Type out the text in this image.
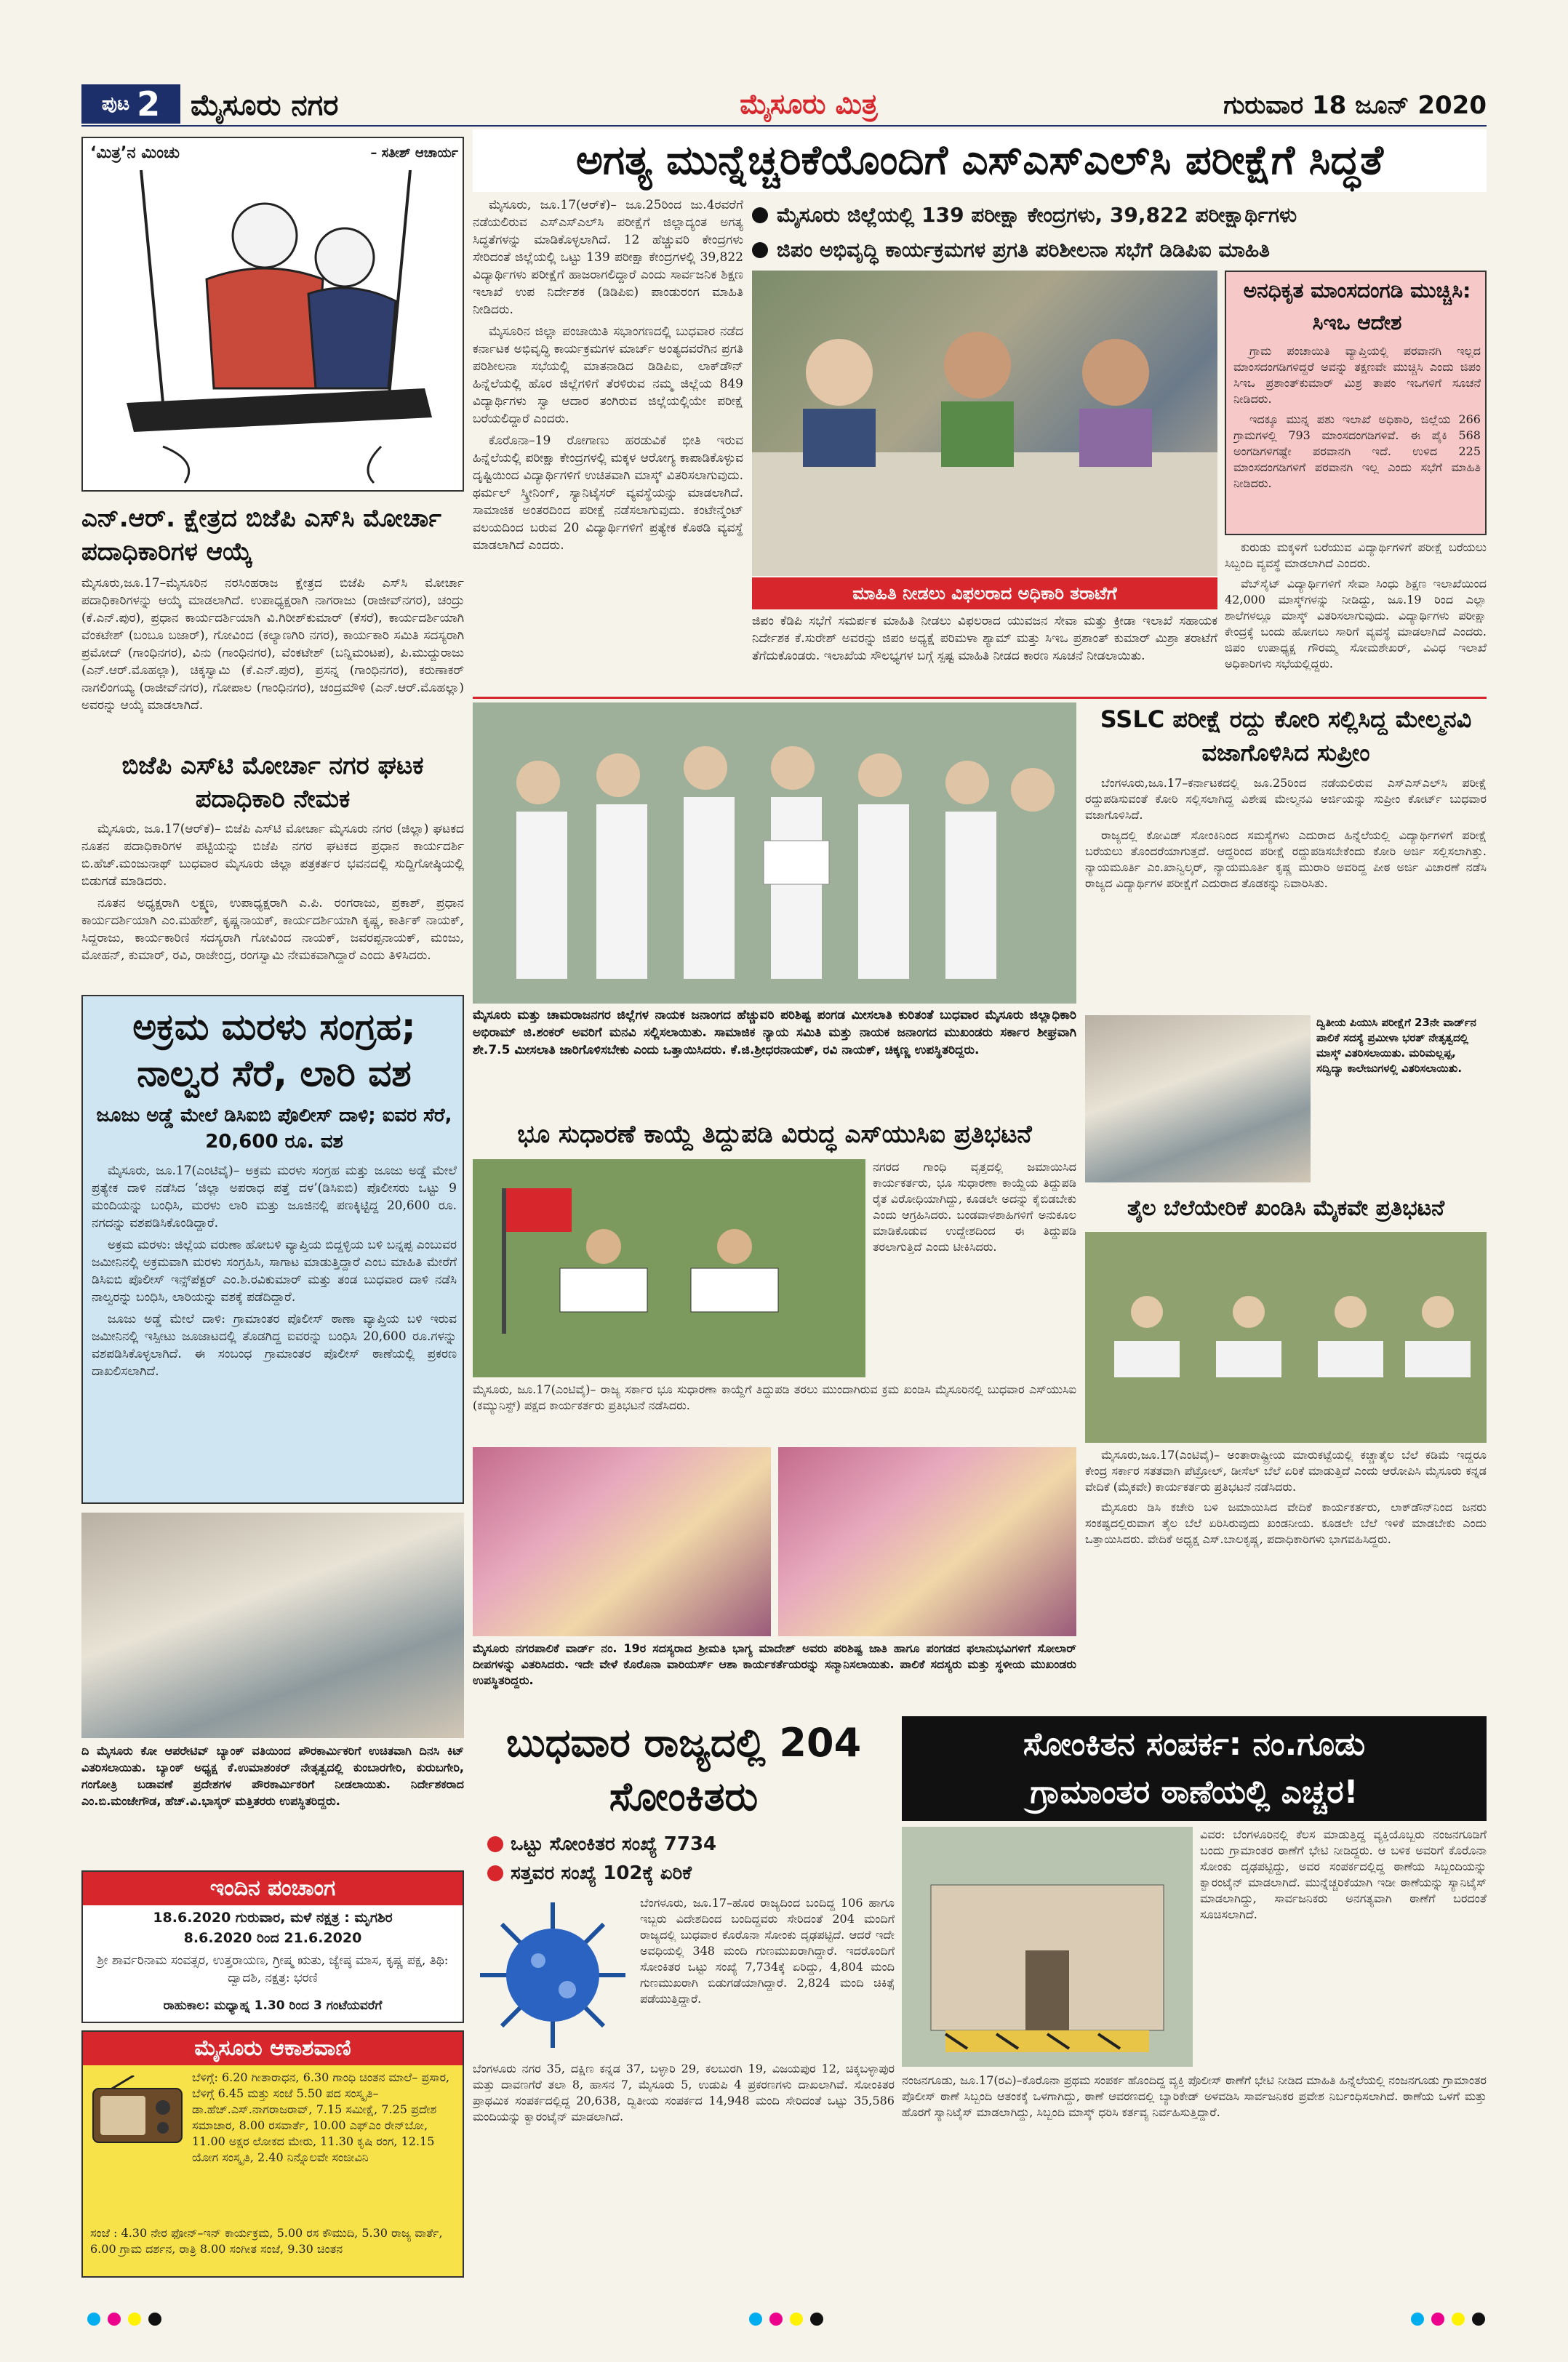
ಪುಟ 2 ಮೈಸೂರು ನಗರ	ಮೈಸೂರು ಮಿತ್ರ	ಗುರುವಾರ 18 ಜೂನ್ 2020
‘ಮಿತ್ರ’ನ ಮಿಂಚು	– ಸತೀಶ್ ಆಚಾರ್ಯ
ಎನ್.ಆರ್. ಕ್ಷೇತ್ರದ ಬಿಜೆಪಿ ಎಸ್‌ಸಿ ಮೋರ್ಚಾ ಪದಾಧಿಕಾರಿಗಳ ಆಯ್ಕೆ
ಮೈಸೂರು,ಜೂ.17–ಮೈಸೂರಿನ ನರಸಿಂಹರಾಜ ಕ್ಷೇತ್ರದ ಬಿಜೆಪಿ ಎಸ್‌ಸಿ ಮೋರ್ಚಾ ಪದಾಧಿಕಾರಿಗಳನ್ನು ಆಯ್ಕೆ ಮಾಡಲಾಗಿದೆ. ಉಪಾಧ್ಯಕ್ಷರಾಗಿ ನಾಗರಾಜು (ರಾಜೀವ್‌ನಗರ), ಚಂದ್ರು (ಕೆ.ಎನ್.ಪುರ), ಪ್ರಧಾನ ಕಾರ್ಯದರ್ಶಿಯಾಗಿ ವಿ.ಗಿರೀಶ್‌ಕುಮಾರ್ (ಕೆಸರೆ), ಕಾರ್ಯದರ್ಶಿಯಾಗಿ ವೆಂಕಟೇಶ್ (ಬಂಬೂ ಬಜಾರ್), ಗೋವಿಂದ (ಕಲ್ಯಾಣಗಿರಿ ನಗರ), ಕಾರ್ಯಕಾರಿ ಸಮಿತಿ ಸದಸ್ಯರಾಗಿ ಪ್ರಮೋದ್ (ಗಾಂಧಿನಗರ), ವಿನು (ಗಾಂಧಿನಗರ), ವೆಂಕಟೇಶ್ (ಬನ್ನಿಮಂಟಪ), ಪಿ.ಮುದ್ದುರಾಜು (ಎನ್.ಆರ್.ಮೊಹಲ್ಲಾ), ಚಿಕ್ಕಸ್ವಾಮಿ (ಕೆ.ಎನ್.ಪುರ), ಪ್ರಸನ್ನ (ಗಾಂಧಿನಗರ), ಕರುಣಾಕರ್ ನಾಗಲಿಂಗಯ್ಯ (ರಾಜೀವ್‌ನಗರ), ಗೋಪಾಲ (ಗಾಂಧಿನಗರ), ಚಂದ್ರಮೌಳಿ (ಎನ್.ಆರ್.ಮೊಹಲ್ಲಾ) ಅವರನ್ನು ಆಯ್ಕೆ ಮಾಡಲಾಗಿದೆ.
ಬಿಜೆಪಿ ಎಸ್‌ಟಿ ಮೋರ್ಚಾ ನಗರ ಘಟಕ ಪದಾಧಿಕಾರಿ ನೇಮಕ

ಮೈಸೂರು, ಜೂ.17(ಆರ್‌ಕೆ)– ಬಿಜೆಪಿ ಎಸ್‌ಟಿ ಮೋರ್ಚಾ ಮೈಸೂರು ನಗರ (ಜಿಲ್ಲಾ) ಘಟಕದ ನೂತನ ಪದಾಧಿಕಾರಿಗಳ ಪಟ್ಟಿಯನ್ನು ಬಿಜೆಪಿ ನಗರ ಘಟಕದ ಪ್ರಧಾನ ಕಾರ್ಯದರ್ಶಿ ಬಿ.ಹೆಚ್.ಮಂಜುನಾಥ್ ಬುಧವಾರ ಮೈಸೂರು ಜಿಲ್ಲಾ ಪತ್ರಕರ್ತರ ಭವನದಲ್ಲಿ ಸುದ್ದಿಗೋಷ್ಠಿಯಲ್ಲಿ ಬಿಡುಗಡೆ ಮಾಡಿದರು.

ನೂತನ ಅಧ್ಯಕ್ಷರಾಗಿ ಲಕ್ಷ್ಮಣ, ಉಪಾಧ್ಯಕ್ಷರಾಗಿ ಎ.ಪಿ. ರಂಗರಾಜು, ಪ್ರಕಾಶ್, ಪ್ರಧಾನ ಕಾರ್ಯದರ್ಶಿಯಾಗಿ ಎಂ.ಮಹೇಶ್, ಕೃಷ್ಣನಾಯಕ್, ಕಾರ್ಯದರ್ಶಿಯಾಗಿ ಕೃಷ್ಣ, ಕಾರ್ತಿಕ್ ನಾಯಕ್, ಸಿದ್ದರಾಜು, ಕಾರ್ಯಕಾರಿಣಿ ಸದಸ್ಯರಾಗಿ ಗೋವಿಂದ ನಾಯಕ್, ಜವರಪ್ಪನಾಯಕ್, ಮಂಜು, ಮೋಹನ್, ಕುಮಾರ್, ರವಿ, ರಾಜೇಂದ್ರ, ರಂಗಸ್ವಾಮಿ ನೇಮಕವಾಗಿದ್ದಾರೆ ಎಂದು ತಿಳಿಸಿದರು.

ಅಕ್ರಮ ಮರಳು ಸಂಗ್ರಹ; ನಾಲ್ವರ ಸೆರೆ, ಲಾರಿ ವಶ
ಜೂಜು ಅಡ್ಡೆ ಮೇಲೆ ಡಿಸಿಐಬಿ ಪೊಲೀಸ್ ದಾಳಿ; ಐವರ ಸೆರೆ, 20,600 ರೂ. ವಶ

ಮೈಸೂರು, ಜೂ.17(ಎಂಟಿವೈ)– ಅಕ್ರಮ ಮರಳು ಸಂಗ್ರಹ ಮತ್ತು ಜೂಜು ಅಡ್ಡೆ ಮೇಲೆ ಪ್ರತ್ಯೇಕ ದಾಳಿ ನಡೆಸಿದ ‘ಜಿಲ್ಲಾ ಅಪರಾಧ ಪತ್ತೆ ದಳ’(ಡಿಸಿಐಬಿ) ಪೊಲೀಸರು ಒಟ್ಟು 9 ಮಂದಿಯನ್ನು ಬಂಧಿಸಿ, ಮರಳು ಲಾರಿ ಮತ್ತು ಜೂಜಿನಲ್ಲಿ ಪಣಕ್ಕಿಟ್ಟಿದ್ದ 20,600 ರೂ. ನಗದನ್ನು ವಶಪಡಿಸಿಕೊಂಡಿದ್ದಾರೆ.

ಅಕ್ರಮ ಮರಳು: ಜಿಲ್ಲೆಯ ವರುಣಾ ಹೋಬಳಿ ವ್ಯಾಪ್ತಿಯ ಬಿದ್ದಳ್ಳಿಯ ಬಳಿ ಬನ್ನಪ್ಪ ಎಂಬುವರ ಜಮೀನಿನಲ್ಲಿ ಅಕ್ರಮವಾಗಿ ಮರಳು ಸಂಗ್ರಹಿಸಿ, ಸಾಗಾಟ ಮಾಡುತ್ತಿದ್ದಾರೆ ಎಂಬ ಮಾಹಿತಿ ಮೇರೆಗೆ ಡಿಸಿಐಬಿ ಪೊಲೀಸ್ ಇನ್ಸ್‌ಪೆಕ್ಟರ್ ಎಂ.ಶಿ.ರವಿಕುಮಾರ್ ಮತ್ತು ತಂಡ ಬುಧವಾರ ದಾಳಿ ನಡೆಸಿ ನಾಲ್ವರನ್ನು ಬಂಧಿಸಿ, ಲಾರಿಯನ್ನು ವಶಕ್ಕೆ ಪಡೆದಿದ್ದಾರೆ.

ಜೂಜು ಅಡ್ಡೆ ಮೇಲೆ ದಾಳಿ: ಗ್ರಾಮಾಂತರ ಪೊಲೀಸ್ ಠಾಣಾ ವ್ಯಾಪ್ತಿಯ ಬಳಿ ಇರುವ ಜಮೀನಿನಲ್ಲಿ ಇಸ್ಪೀಟು ಜೂಜಾಟದಲ್ಲಿ ತೊಡಗಿದ್ದ ಐವರನ್ನು ಬಂಧಿಸಿ 20,600 ರೂ.ಗಳನ್ನು ವಶಪಡಿಸಿಕೊಳ್ಳಲಾಗಿದೆ. ಈ ಸಂಬಂಧ ಗ್ರಾಮಾಂತರ ಪೊಲೀಸ್ ಠಾಣೆಯಲ್ಲಿ ಪ್ರಕರಣ ದಾಖಲಿಸಲಾಗಿದೆ.

ದಿ ಮೈಸೂರು ಕೋ ಆಪರೇಟಿವ್ ಬ್ಯಾಂಕ್ ವತಿಯಿಂದ ಪೌರಕಾರ್ಮಿಕರಿಗೆ ಉಚಿತವಾಗಿ ದಿನಸಿ ಕಿಟ್ ವಿತರಿಸಲಾಯಿತು. ಬ್ಯಾಂಕ್ ಅಧ್ಯಕ್ಷ ಕೆ.ಉಮಾಶಂಕರ್ ನೇತೃತ್ವದಲ್ಲಿ ಕುಂಬಾರಗೇರಿ, ಕುರುಬಗೇರಿ, ಗಂಗೋತ್ರಿ ಬಡಾವಣೆ ಪ್ರದೇಶಗಳ ಪೌರಕಾರ್ಮಿಕರಿಗೆ ನೀಡಲಾಯಿತು. ನಿರ್ದೇಶಕರಾದ ಎಂ.ಬಿ.ಮಂಜೇಗೌಡ, ಹೆಚ್.ವಿ.ಭಾಸ್ಕರ್ ಮತ್ತಿತರರು ಉಪಸ್ಥಿತರಿದ್ದರು.
ಇಂದಿನ ಪಂಚಾಂಗ
18.6.2020 ಗುರುವಾರ, ಮಳೆ ನಕ್ಷತ್ರ : ಮೃಗಶಿರ
8.6.2020 ರಿಂದ 21.6.2020
ಶ್ರೀ ಶಾರ್ವರಿನಾಮ ಸಂವತ್ಸರ, ಉತ್ತರಾಯಣ, ಗ್ರೀಷ್ಮ ಋತು, ಜ್ಯೇಷ್ಠ ಮಾಸ, ಕೃಷ್ಣ ಪಕ್ಷ, ತಿಥಿ: ದ್ವಾದಶಿ, ನಕ್ಷತ್ರ: ಭರಣಿ
ರಾಹುಕಾಲ: ಮಧ್ಯಾಹ್ನ 1.30 ರಿಂದ 3 ಗಂಟೆಯವರೆಗೆ
ಮೈಸೂರು ಆಕಾಶವಾಣಿ
ಬೆಳಿಗ್ಗೆ: 6.20 ಗೀತಾರಾಧನ, 6.30 ಗಾಂಧಿ ಚಿಂತನ ಮಾಲೆ– ಪ್ರಸಾರ, ಬೆಳಿಗ್ಗೆ 6.45 ಮತ್ತು ಸಂಜೆ 5.50 ಪದ ಸಂಸ್ಕೃತಿ–ಡಾ.ಹೆಚ್.ಎಸ್.ನಾಗರಾಜರಾವ್, 7.15 ಸಮೀಕ್ಷೆ, 7.25 ಪ್ರದೇಶ ಸಮಾಚಾರ, 8.00 ರಸವಾರ್ತೆ, 10.00 ಎಫ್‌ಎಂ ರೇನ್‌ಬೋ, 11.00 ಅಕ್ಷರ ಲೋಕದ ಮೇರು, 11.30 ಕೃಷಿ ರಂಗ, 12.15 ಯೋಗ ಸಂಸ್ಕೃತಿ, 2.40 ನಿನ್ನೊಲವೇ ಸಂಜೀವಿನಿ
ಸಂಜೆ : 4.30 ನೇರ ಫೋನ್–ಇನ್ ಕಾರ್ಯಕ್ರಮ, 5.00 ರಸ ಕೌಮುದಿ, 5.30 ರಾಜ್ಯ ವಾರ್ತೆ, 6.00 ಗ್ರಾಮ ದರ್ಶನ, ರಾತ್ರಿ 8.00 ಸಂಗೀತ ಸಂಜೆ, 9.30 ಚಿಂತನ
ಅಗತ್ಯ ಮುನ್ನೆಚ್ಚರಿಕೆಯೊಂದಿಗೆ ಎಸ್‌ಎಸ್‌ಎಲ್‌ಸಿ ಪರೀಕ್ಷೆಗೆ ಸಿದ್ಧತೆ

ಮೈಸೂರು, ಜೂ.17(ಆರ್‌ಕೆ)– ಜೂ.25ರಿಂದ ಜು.4ರವರೆಗೆ ನಡೆಯಲಿರುವ ಎಸ್‌ಎಸ್‌ಎಲ್‌ಸಿ ಪರೀಕ್ಷೆಗೆ ಜಿಲ್ಲಾದ್ಯಂತ ಅಗತ್ಯ ಸಿದ್ಧತೆಗಳನ್ನು ಮಾಡಿಕೊಳ್ಳಲಾಗಿದೆ. 12 ಹೆಚ್ಚುವರಿ ಕೇಂದ್ರಗಳು ಸೇರಿದಂತೆ ಜಿಲ್ಲೆಯಲ್ಲಿ ಒಟ್ಟು 139 ಪರೀಕ್ಷಾ ಕೇಂದ್ರಗಳಲ್ಲಿ 39,822 ವಿದ್ಯಾರ್ಥಿಗಳು ಪರೀಕ್ಷೆಗೆ ಹಾಜರಾಗಲಿದ್ದಾರೆ ಎಂದು ಸಾರ್ವಜನಿಕ ಶಿಕ್ಷಣ ಇಲಾಖೆ ಉಪ ನಿರ್ದೇಶಕ (ಡಿಡಿಪಿಐ) ಪಾಂಡುರಂಗ ಮಾಹಿತಿ ನೀಡಿದರು.

ಮೈಸೂರಿನ ಜಿಲ್ಲಾ ಪಂಚಾಯಿತಿ ಸಭಾಂಗಣದಲ್ಲಿ ಬುಧವಾರ ನಡೆದ ಕರ್ನಾಟಕ ಅಭಿವೃದ್ಧಿ ಕಾರ್ಯಕ್ರಮಗಳ ಮಾರ್ಚ್ ಅಂತ್ಯದವರೆಗಿನ ಪ್ರಗತಿ ಪರಿಶೀಲನಾ ಸಭೆಯಲ್ಲಿ ಮಾತನಾಡಿದ ಡಿಡಿಪಿಐ, ಲಾಕ್‌ಡೌನ್ ಹಿನ್ನೆಲೆಯಲ್ಲಿ ಹೊರ ಜಿಲ್ಲೆಗಳಿಗೆ ತೆರಳಿರುವ ನಮ್ಮ ಜಿಲ್ಲೆಯ 849 ವಿದ್ಯಾರ್ಥಿಗಳು ಸ್ವಾ ಆದಾರ ತಂಗಿರುವ ಜಿಲ್ಲೆಯಲ್ಲಿಯೇ ಪರೀಕ್ಷೆ ಬರೆಯಲಿದ್ದಾರೆ ಎಂದರು.

ಕೊರೊನಾ–19 ರೋಗಾಣು ಹರಡುವಿಕೆ ಭೀತಿ ಇರುವ ಹಿನ್ನೆಲೆಯಲ್ಲಿ ಪರೀಕ್ಷಾ ಕೇಂದ್ರಗಳಲ್ಲಿ ಮಕ್ಕಳ ಆರೋಗ್ಯ ಕಾಪಾಡಿಕೊಳ್ಳುವ ದೃಷ್ಟಿಯಿಂದ ವಿದ್ಯಾರ್ಥಿಗಳಿಗೆ ಉಚಿತವಾಗಿ ಮಾಸ್ಕ್ ವಿತರಿಸಲಾಗುವುದು. ಥರ್ಮಲ್ ಸ್ಕ್ರೀನಿಂಗ್, ಸ್ಯಾನಿಟೈಸರ್ ವ್ಯವಸ್ಥೆಯನ್ನು ಮಾಡಲಾಗಿದೆ. ಸಾಮಾಜಿಕ ಅಂತರದಿಂದ ಪರೀಕ್ಷೆ ನಡೆಸಲಾಗುವುದು. ಕಂಟೇನ್ಮೆಂಟ್ ವಲಯದಿಂದ ಬರುವ 20 ವಿದ್ಯಾರ್ಥಿಗಳಿಗೆ ಪ್ರತ್ಯೇಕ ಕೊಠಡಿ ವ್ಯವಸ್ಥೆ ಮಾಡಲಾಗಿದೆ ಎಂದರು.

ಮೈಸೂರು ಜಿಲ್ಲೆಯಲ್ಲಿ 139 ಪರೀಕ್ಷಾ ಕೇಂದ್ರಗಳು, 39,822 ಪರೀಕ್ಷಾರ್ಥಿಗಳು
ಜಿಪಂ ಅಭಿವೃದ್ಧಿ ಕಾರ್ಯಕ್ರಮಗಳ ಪ್ರಗತಿ ಪರಿಶೀಲನಾ ಸಭೆಗೆ ಡಿಡಿಪಿಐ ಮಾಹಿತಿ
ಮಾಹಿತಿ ನೀಡಲು ವಿಫಲರಾದ ಅಧಿಕಾರಿ ತರಾಟೆಗೆ
ಜಿಪಂ ಕೆಡಿಪಿ ಸಭೆಗೆ ಸಮರ್ಪಕ ಮಾಹಿತಿ ನೀಡಲು ವಿಫಲರಾದ ಯುವಜನ ಸೇವಾ ಮತ್ತು ಕ್ರೀಡಾ ಇಲಾಖೆ ಸಹಾಯಕ ನಿರ್ದೇಶಕ ಕೆ.ಸುರೇಶ್ ಅವರನ್ನು ಜಿಪಂ ಅಧ್ಯಕ್ಷೆ ಪರಿಮಳಾ ಶ್ಯಾಮ್ ಮತ್ತು ಸಿಇಒ ಪ್ರಶಾಂತ್ ಕುಮಾರ್ ಮಿಶ್ರಾ ತರಾಟೆಗೆ ತೆಗೆದುಕೊಂಡರು. ಇಲಾಖೆಯ ಸೌಲಭ್ಯಗಳ ಬಗ್ಗೆ ಸ್ಪಷ್ಟ ಮಾಹಿತಿ ನೀಡದ ಕಾರಣ ಸೂಚನೆ ನೀಡಲಾಯಿತು.
ಅನಧಿಕೃತ ಮಾಂಸದಂಗಡಿ ಮುಚ್ಚಿಸಿ: ಸಿಇಒ ಆದೇಶ

ಗ್ರಾಮ ಪಂಚಾಯಿತಿ ವ್ಯಾಪ್ತಿಯಲ್ಲಿ ಪರವಾನಗಿ ಇಲ್ಲದ ಮಾಂಸದಂಗಡಿಗಳಿದ್ದರೆ ಅವನ್ನು ತಕ್ಷಣವೇ ಮುಚ್ಚಿಸಿ ಎಂದು ಜಿಪಂ ಸಿಇಒ ಪ್ರಶಾಂತ್‌ಕುಮಾರ್ ಮಿಶ್ರ ತಾಪಂ ಇಒಗಳಿಗೆ ಸೂಚನೆ ನೀಡಿದರು.

ಇದಕ್ಕೂ ಮುನ್ನ ಪಶು ಇಲಾಖೆ ಅಧಿಕಾರಿ, ಜಿಲ್ಲೆಯ 266 ಗ್ರಾಮಗಳಲ್ಲಿ 793 ಮಾಂಸದಂಗಡಿಗಳಿವೆ. ಈ ಪೈಕಿ 568 ಅಂಗಡಿಗಳಿಗಷ್ಟೇ ಪರವಾನಗಿ ಇದೆ. ಉಳಿದ 225 ಮಾಂಸದಂಗಡಿಗಳಿಗೆ ಪರವಾನಗಿ ಇಲ್ಲ ಎಂದು ಸಭೆಗೆ ಮಾಹಿತಿ ನೀಡಿದರು.

ಕುರುಡು ಮಕ್ಕಳಿಗೆ ಬರೆಯುವ ವಿದ್ಯಾರ್ಥಿಗಳಿಗೆ ಪರೀಕ್ಷೆ ಬರೆಯಲು ಸಿಬ್ಬಂದಿ ವ್ಯವಸ್ಥೆ ಮಾಡಲಾಗಿದೆ ಎಂದರು.

ವೆಬ್‌ಸೈಟ್ ವಿದ್ಯಾರ್ಥಿಗಳಿಗೆ ಸೇವಾ ಸಿಂಧು ಶಿಕ್ಷಣ ಇಲಾಖೆಯಿಂದ 42,000 ಮಾಸ್ಕ್‌ಗಳನ್ನು ನೀಡಿದ್ದು, ಜೂ.19 ರಿಂದ ಎಲ್ಲಾ ಶಾಲೆಗಳಲ್ಲೂ ಮಾಸ್ಕ್ ವಿತರಿಸಲಾಗುವುದು. ವಿದ್ಯಾರ್ಥಿಗಳು ಪರೀಕ್ಷಾ ಕೇಂದ್ರಕ್ಕೆ ಬಂದು ಹೋಗಲು ಸಾರಿಗೆ ವ್ಯವಸ್ಥೆ ಮಾಡಲಾಗಿದೆ ಎಂದರು. ಜಿಪಂ ಉಪಾಧ್ಯಕ್ಷ ಗೌರಮ್ಮ ಸೋಮಶೇಖರ್, ವಿವಿಧ ಇಲಾಖೆ ಅಧಿಕಾರಿಗಳು ಸಭೆಯಲ್ಲಿದ್ದರು.

ಮೈಸೂರು ಮತ್ತು ಚಾಮರಾಜನಗರ ಜಿಲ್ಲೆಗಳ ನಾಯಕ ಜನಾಂಗದ ಹೆಚ್ಚುವರಿ ಪರಿಶಿಷ್ಟ ಪಂಗಡ ಮೀಸಲಾತಿ ಕುರಿತಂತೆ ಬುಧವಾರ ಮೈಸೂರು ಜಿಲ್ಲಾಧಿಕಾರಿ ಅಭಿರಾಮ್ ಜಿ.ಶಂಕರ್ ಅವರಿಗೆ ಮನವಿ ಸಲ್ಲಿಸಲಾಯಿತು. ಸಾಮಾಜಿಕ ನ್ಯಾಯ ಸಮಿತಿ ಮತ್ತು ನಾಯಕ ಜನಾಂಗದ ಮುಖಂಡರು ಸರ್ಕಾರ ಶೀಘ್ರವಾಗಿ ಶೇ.7.5 ಮೀಸಲಾತಿ ಜಾರಿಗೊಳಿಸಬೇಕು ಎಂದು ಒತ್ತಾಯಿಸಿದರು. ಕೆ.ಜಿ.ಶ್ರೀಧರನಾಯಕ್, ರವಿ ನಾಯಕ್, ಚಿಕ್ಕಣ್ಣ ಉಪಸ್ಥಿತರಿದ್ದರು.
SSLC ಪರೀಕ್ಷೆ ರದ್ದು ಕೋರಿ ಸಲ್ಲಿಸಿದ್ದ ಮೇಲ್ಮನವಿ ವಜಾಗೊಳಿಸಿದ ಸುಪ್ರೀಂ

ಬೆಂಗಳೂರು,ಜೂ.17–ಕರ್ನಾಟಕದಲ್ಲಿ ಜೂ.25ರಿಂದ ನಡೆಯಲಿರುವ ಎಸ್‌ಎಸ್‌ಎಲ್‌ಸಿ ಪರೀಕ್ಷೆ ರದ್ದುಪಡಿಸುವಂತೆ ಕೋರಿ ಸಲ್ಲಿಸಲಾಗಿದ್ದ ವಿಶೇಷ ಮೇಲ್ಮನವಿ ಅರ್ಜಿಯನ್ನು ಸುಪ್ರೀಂ ಕೋರ್ಟ್ ಬುಧವಾರ ವಜಾಗೊಳಿಸಿದೆ.

ರಾಜ್ಯದಲ್ಲಿ ಕೋವಿಡ್ ಸೋಂಕಿನಿಂದ ಸಮಸ್ಯೆಗಳು ಎದುರಾದ ಹಿನ್ನೆಲೆಯಲ್ಲಿ ವಿದ್ಯಾರ್ಥಿಗಳಿಗೆ ಪರೀಕ್ಷೆ ಬರೆಯಲು ತೊಂದರೆಯಾಗುತ್ತದೆ. ಆದ್ದರಿಂದ ಪರೀಕ್ಷೆ ರದ್ದುಪಡಿಸಬೇಕೆಂದು ಕೋರಿ ಅರ್ಜಿ ಸಲ್ಲಿಸಲಾಗಿತ್ತು. ನ್ಯಾಯಮೂರ್ತಿ ಎಂ.ಖಾನ್ವಿಲ್ಕರ್, ನ್ಯಾಯಮೂರ್ತಿ ಕೃಷ್ಣ ಮುರಾರಿ ಅವರಿದ್ದ ಪೀಠ ಅರ್ಜಿ ವಿಚಾರಣೆ ನಡೆಸಿ ರಾಜ್ಯದ ವಿದ್ಯಾರ್ಥಿಗಳ ಪರೀಕ್ಷೆಗೆ ಎದುರಾದ ತೊಡಕನ್ನು ನಿವಾರಿಸಿತು.

ದ್ವಿತೀಯ ಪಿಯುಸಿ ಪರೀಕ್ಷೆಗೆ 23ನೇ ವಾರ್ಡ್‌ನ ಪಾಲಿಕೆ ಸದಸ್ಯೆ ಪ್ರಮೀಳಾ ಭರತ್ ನೇತೃತ್ವದಲ್ಲಿ ಮಾಸ್ಕ್ ವಿತರಿಸಲಾಯಿತು. ಮರಿಮಲ್ಲಪ್ಪ, ಸದ್ವಿದ್ಯಾ ಕಾಲೇಜುಗಳಲ್ಲಿ ವಿತರಿಸಲಾಯಿತು.
ಭೂ ಸುಧಾರಣೆ ಕಾಯ್ದೆ ತಿದ್ದುಪಡಿ ವಿರುದ್ಧ ಎಸ್‌ಯುಸಿಐ ಪ್ರತಿಭಟನೆ
ನಗರದ ಗಾಂಧಿ ವೃತ್ತದಲ್ಲಿ ಜಮಾಯಿಸಿದ ಕಾರ್ಯಕರ್ತರು, ಭೂ ಸುಧಾರಣಾ ಕಾಯ್ದೆಯ ತಿದ್ದುಪಡಿ ರೈತ ವಿರೋಧಿಯಾಗಿದ್ದು, ಕೂಡಲೇ ಅದನ್ನು ಕೈಬಿಡಬೇಕು ಎಂದು ಆಗ್ರಹಿಸಿದರು. ಬಂಡವಾಳಶಾಹಿಗಳಿಗೆ ಅನುಕೂಲ ಮಾಡಿಕೊಡುವ ಉದ್ದೇಶದಿಂದ ಈ ತಿದ್ದುಪಡಿ ತರಲಾಗುತ್ತಿದೆ ಎಂದು ಟೀಕಿಸಿದರು.
ಮೈಸೂರು, ಜೂ.17(ಎಂಟಿವೈ)– ರಾಜ್ಯ ಸರ್ಕಾರ ಭೂ ಸುಧಾರಣಾ ಕಾಯ್ದೆಗೆ ತಿದ್ದುಪಡಿ ತರಲು ಮುಂದಾಗಿರುವ ಕ್ರಮ ಖಂಡಿಸಿ ಮೈಸೂರಿನಲ್ಲಿ ಬುಧವಾರ ಎಸ್‌ಯುಸಿಐ (ಕಮ್ಯುನಿಸ್ಟ್) ಪಕ್ಷದ ಕಾರ್ಯಕರ್ತರು ಪ್ರತಿಭಟನೆ ನಡೆಸಿದರು.
ತೈಲ ಬೆಲೆಯೇರಿಕೆ ಖಂಡಿಸಿ ಮೈಕವೇ ಪ್ರತಿಭಟನೆ

ಮೈಸೂರು,ಜೂ.17(ಎಂಟಿವೈ)– ಅಂತಾರಾಷ್ಟ್ರೀಯ ಮಾರುಕಟ್ಟೆಯಲ್ಲಿ ಕಚ್ಚಾತೈಲ ಬೆಲೆ ಕಡಿಮೆ ಇದ್ದರೂ ಕೇಂದ್ರ ಸರ್ಕಾರ ಸತತವಾಗಿ ಪೆಟ್ರೋಲ್, ಡೀಸೆಲ್ ಬೆಲೆ ಏರಿಕೆ ಮಾಡುತ್ತಿದೆ ಎಂದು ಆರೋಪಿಸಿ ಮೈಸೂರು ಕನ್ನಡ ವೇದಿಕೆ (ಮೈಕವೇ) ಕಾರ್ಯಕರ್ತರು ಪ್ರತಿಭಟನೆ ನಡೆಸಿದರು.

ಮೈಸೂರು ಡಿಸಿ ಕಚೇರಿ ಬಳಿ ಜಮಾಯಿಸಿದ ವೇದಿಕೆ ಕಾರ್ಯಕರ್ತರು, ಲಾಕ್‌ಡೌನ್‌ನಿಂದ ಜನರು ಸಂಕಷ್ಟದಲ್ಲಿರುವಾಗ ತೈಲ ಬೆಲೆ ಏರಿಸಿರುವುದು ಖಂಡನೀಯ. ಕೂಡಲೇ ಬೆಲೆ ಇಳಿಕೆ ಮಾಡಬೇಕು ಎಂದು ಒತ್ತಾಯಿಸಿದರು. ವೇದಿಕೆ ಅಧ್ಯಕ್ಷ ಎಸ್.ಬಾಲಕೃಷ್ಣ, ಪದಾಧಿಕಾರಿಗಳು ಭಾಗವಹಿಸಿದ್ದರು.

ಮೈಸೂರು ನಗರಪಾಲಿಕೆ ವಾರ್ಡ್ ನಂ. 19ರ ಸದಸ್ಯರಾದ ಶ್ರೀಮತಿ ಭಾಗ್ಯ ಮಾದೇಶ್ ಅವರು ಪರಿಶಿಷ್ಟ ಜಾತಿ ಹಾಗೂ ಪಂಗಡದ ಫಲಾನುಭವಿಗಳಿಗೆ ಸೋಲಾರ್ ದೀಪಗಳನ್ನು ವಿತರಿಸಿದರು. ಇದೇ ವೇಳೆ ಕೊರೊನಾ ವಾರಿಯರ್ಸ್ ಆಶಾ ಕಾರ್ಯಕರ್ತೆಯರನ್ನು ಸನ್ಮಾನಿಸಲಾಯಿತು. ಪಾಲಿಕೆ ಸದಸ್ಯರು ಮತ್ತು ಸ್ಥಳೀಯ ಮುಖಂಡರು ಉಪಸ್ಥಿತರಿದ್ದರು.
ಬುಧವಾರ ರಾಜ್ಯದಲ್ಲಿ 204 ಸೋಂಕಿತರು
ಒಟ್ಟು ಸೋಂಕಿತರ ಸಂಖ್ಯೆ 7734
ಸತ್ತವರ ಸಂಖ್ಯೆ 102ಕ್ಕೆ ಏರಿಕೆ
ಬೆಂಗಳೂರು, ಜೂ.17–ಹೊರ ರಾಜ್ಯದಿಂದ ಬಂದಿದ್ದ 106 ಹಾಗೂ ಇಬ್ಬರು ವಿದೇಶದಿಂದ ಬಂದಿದ್ದವರು ಸೇರಿದಂತೆ 204 ಮಂದಿಗೆ ರಾಜ್ಯದಲ್ಲಿ ಬುಧವಾರ ಕೊರೊನಾ ಸೋಂಕು ದೃಢಪಟ್ಟಿದೆ. ಆದರೆ ಇದೇ ಅವಧಿಯಲ್ಲಿ 348 ಮಂದಿ ಗುಣಮುಖರಾಗಿದ್ದಾರೆ. ಇದರೊಂದಿಗೆ ಸೋಂಕಿತರ ಒಟ್ಟು ಸಂಖ್ಯೆ 7,734ಕ್ಕೆ ಏರಿದ್ದು, 4,804 ಮಂದಿ ಗುಣಮುಖರಾಗಿ ಬಿಡುಗಡೆಯಾಗಿದ್ದಾರೆ. 2,824 ಮಂದಿ ಚಿಕಿತ್ಸೆ ಪಡೆಯುತ್ತಿದ್ದಾರೆ.
ಬೆಂಗಳೂರು ನಗರ 35, ದಕ್ಷಿಣ ಕನ್ನಡ 37, ಬಳ್ಳಾರಿ 29, ಕಲಬುರಗಿ 19, ವಿಜಯಪುರ 12, ಚಿಕ್ಕಬಳ್ಳಾಪುರ ಮತ್ತು ದಾವಣಗೆರೆ ತಲಾ 8, ಹಾಸನ 7, ಮೈಸೂರು 5, ಉಡುಪಿ 4 ಪ್ರಕರಣಗಳು ದಾಖಲಾಗಿವೆ. ಸೋಂಕಿತರ ಪ್ರಾಥಮಿಕ ಸಂಪರ್ಕದಲ್ಲಿದ್ದ 20,638, ದ್ವಿತೀಯ ಸಂಪರ್ಕದ 14,948 ಮಂದಿ ಸೇರಿದಂತೆ ಒಟ್ಟು 35,586 ಮಂದಿಯನ್ನು ಕ್ವಾರಂಟೈನ್ ಮಾಡಲಾಗಿದೆ.
ಸೋಂಕಿತನ ಸಂಪರ್ಕ: ನಂ.ಗೂಡು
ಗ್ರಾಮಾಂತರ ಠಾಣೆಯಲ್ಲಿ ಎಚ್ಚರ!
ವಿವರ: ಬೆಂಗಳೂರಿನಲ್ಲಿ ಕೆಲಸ ಮಾಡುತ್ತಿದ್ದ ವ್ಯಕ್ತಿಯೊಬ್ಬರು ನಂಜನಗೂಡಿಗೆ ಬಂದು ಗ್ರಾಮಾಂತರ ಠಾಣೆಗೆ ಭೇಟಿ ನೀಡಿದ್ದರು. ಆ ಬಳಿಕ ಅವರಿಗೆ ಕೊರೊನಾ ಸೋಂಕು ದೃಢಪಟ್ಟಿದ್ದು, ಅವರ ಸಂಪರ್ಕದಲ್ಲಿದ್ದ ಠಾಣೆಯ ಸಿಬ್ಬಂದಿಯನ್ನು ಕ್ವಾರಂಟೈನ್ ಮಾಡಲಾಗಿದೆ. ಮುನ್ನೆಚ್ಚರಿಕೆಯಾಗಿ ಇಡೀ ಠಾಣೆಯನ್ನು ಸ್ಯಾನಿಟೈಸ್ ಮಾಡಲಾಗಿದ್ದು, ಸಾರ್ವಜನಿಕರು ಅನಗತ್ಯವಾಗಿ ಠಾಣೆಗೆ ಬರದಂತೆ ಸೂಚಿಸಲಾಗಿದೆ.
ನಂಜನಗೂಡು, ಜೂ.17(ರವಿ)–ಕೊರೊನಾ ಪ್ರಥಮ ಸಂಪರ್ಕ ಹೊಂದಿದ್ದ ವ್ಯಕ್ತಿ ಪೊಲೀಸ್ ಠಾಣೆಗೆ ಭೇಟಿ ನೀಡಿದ ಮಾಹಿತಿ ಹಿನ್ನೆಲೆಯಲ್ಲಿ ನಂಜನಗೂಡು ಗ್ರಾಮಾಂತರ ಪೊಲೀಸ್ ಠಾಣೆ ಸಿಬ್ಬಂದಿ ಆತಂಕಕ್ಕೆ ಒಳಗಾಗಿದ್ದು, ಠಾಣೆ ಆವರಣದಲ್ಲಿ ಬ್ಯಾರಿಕೇಡ್ ಅಳವಡಿಸಿ ಸಾರ್ವಜನಿಕರ ಪ್ರವೇಶ ನಿರ್ಬಂಧಿಸಲಾಗಿದೆ. ಠಾಣೆಯ ಒಳಗೆ ಮತ್ತು ಹೊರಗೆ ಸ್ಯಾನಿಟೈಸ್ ಮಾಡಲಾಗಿದ್ದು, ಸಿಬ್ಬಂದಿ ಮಾಸ್ಕ್ ಧರಿಸಿ ಕರ್ತವ್ಯ ನಿರ್ವಹಿಸುತ್ತಿದ್ದಾರೆ.
